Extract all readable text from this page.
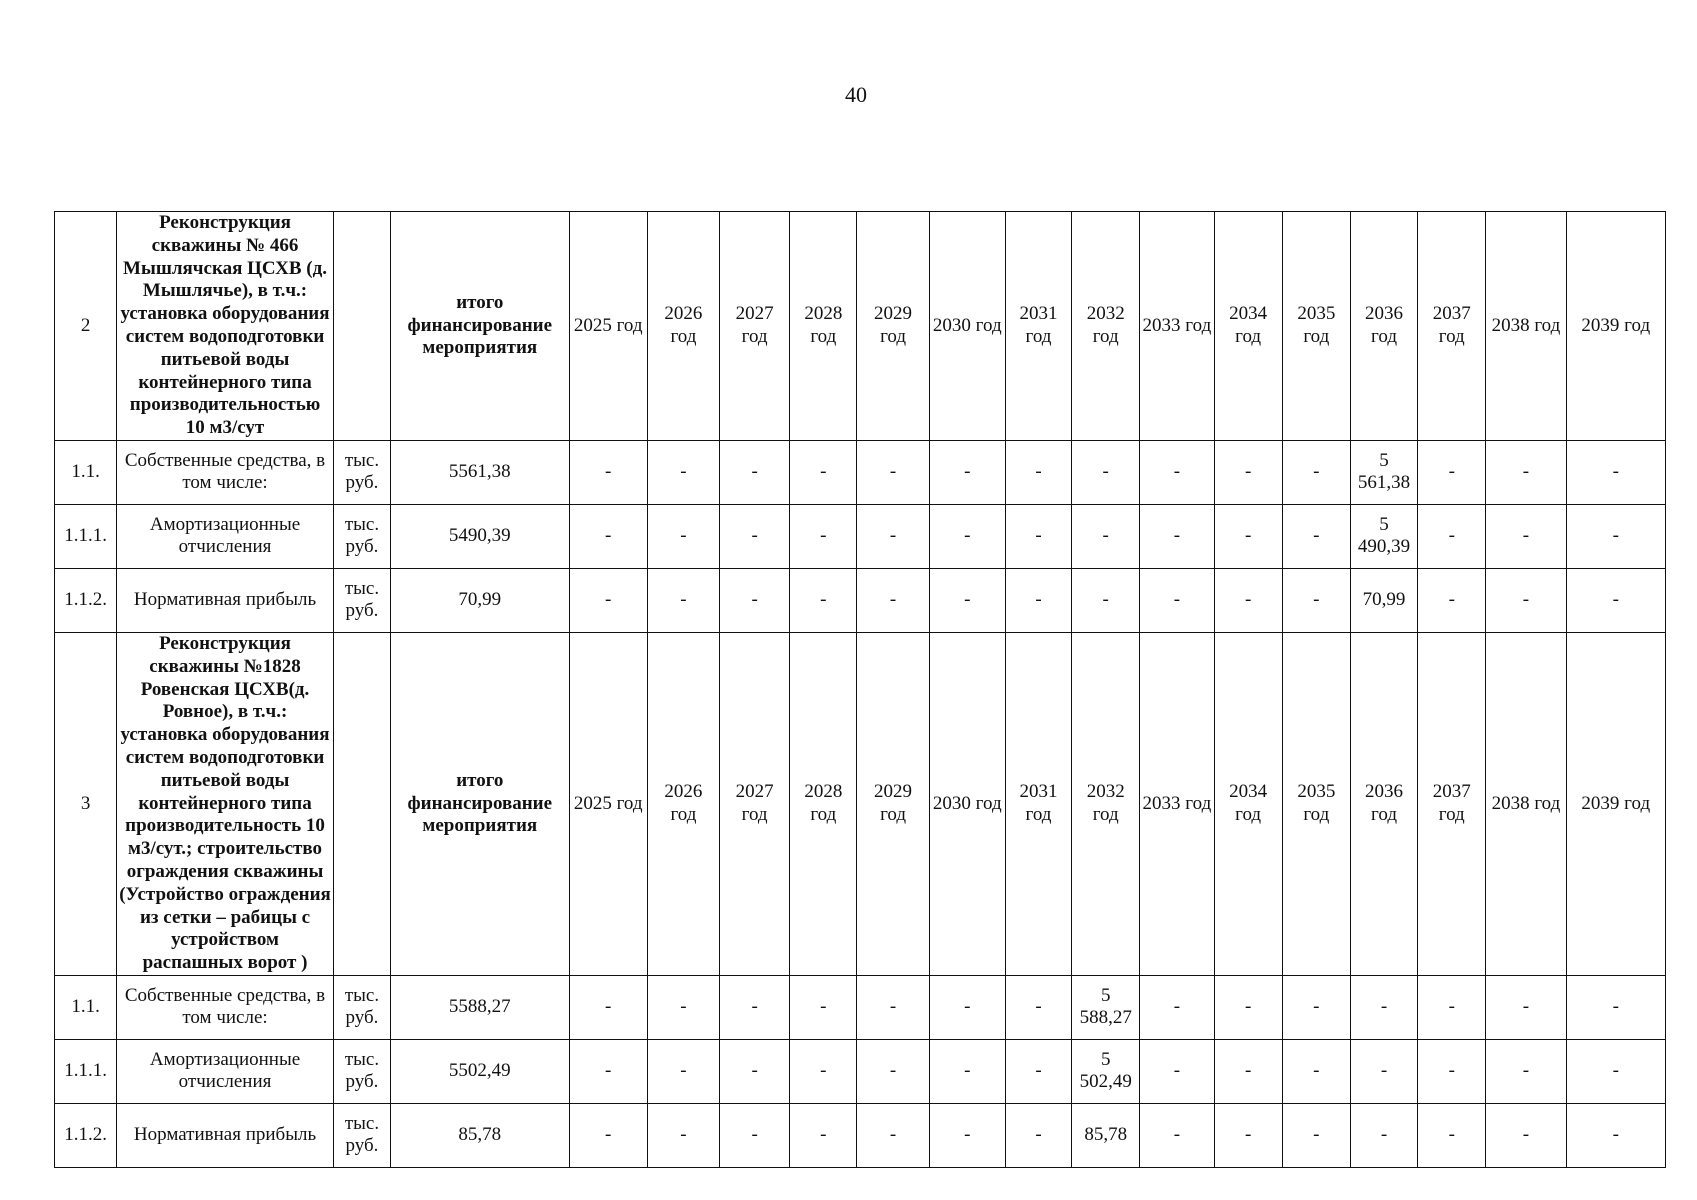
40
2	Реконструкция скважины № 466 Мышлячская ЦСХВ (д. Мышлячье), в т.ч.: установка оборудования систем водоподготовки питьевой воды контейнерного типа производительностью 10 м3/сут		итого финансирование мероприятия	2025 год	2026 год	2027 год	2028 год	2029 год	2030 год	2031 год	2032 год	2033 год	2034 год	2035 год	2036 год	2037 год	2038 год	2039 год
1.1.	Собственные средства, в том числе:	тыс. руб.	5561,38	-	-	-	-	-	-	-	-	-	-	-	5 561,38	-	-	-
1.1.1.	Амортизационные отчисления	тыс. руб.	5490,39	-	-	-	-	-	-	-	-	-	-	-	5 490,39	-	-	-
1.1.2.	Нормативная прибыль	тыс. руб.	70,99	-	-	-	-	-	-	-	-	-	-	-	70,99	-	-	-
3	Реконструкция скважины №1828 Ровенская ЦСХВ(д. Ровное), в т.ч.: установка оборудования систем водоподготовки питьевой воды контейнерного типа производительность 10 м3/сут.; строительство ограждения скважины (Устройство ограждения из сетки – рабицы с устройством распашных ворот )		итого финансирование мероприятия	2025 год	2026 год	2027 год	2028 год	2029 год	2030 год	2031 год	2032 год	2033 год	2034 год	2035 год	2036 год	2037 год	2038 год	2039 год
1.1.	Собственные средства, в том числе:	тыс. руб.	5588,27	-	-	-	-	-	-	-	5 588,27	-	-	-	-	-	-	-
1.1.1.	Амортизационные отчисления	тыс. руб.	5502,49	-	-	-	-	-	-	-	5 502,49	-	-	-	-	-	-	-
1.1.2.	Нормативная прибыль	тыс. руб.	85,78	-	-	-	-	-	-	-	85,78	-	-	-	-	-	-	-
